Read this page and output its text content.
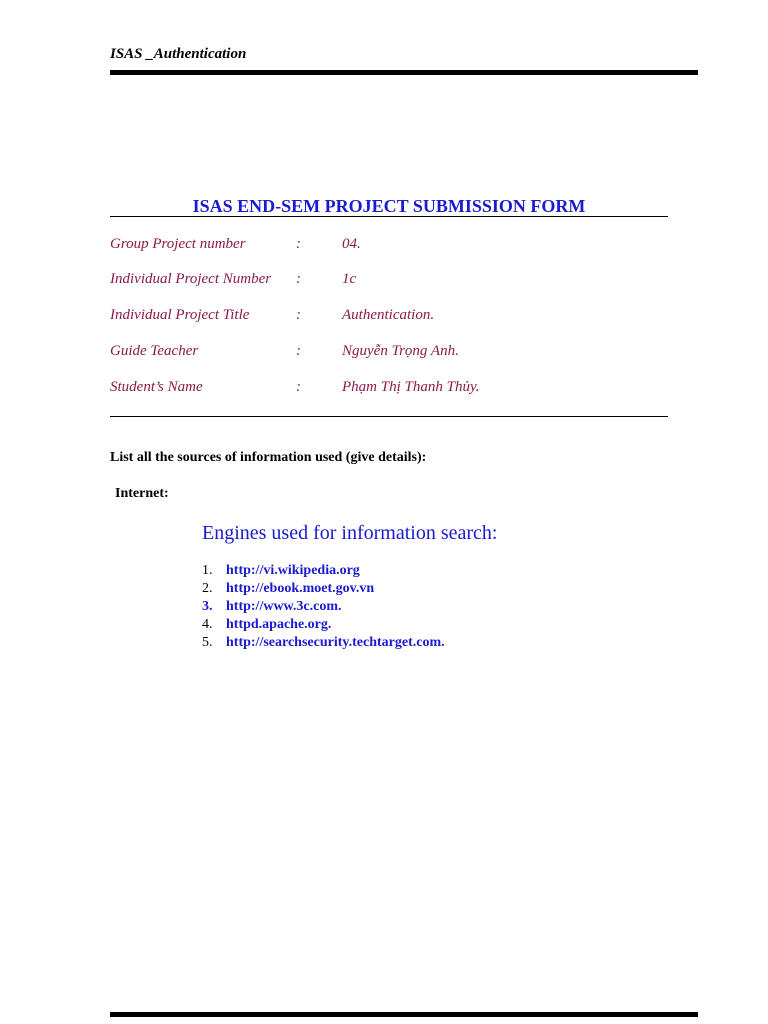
ISAS _Authentication
ISAS END-SEM PROJECT SUBMISSION FORM
Group Project number	:	04.
Individual Project Number :	1c
Individual Project Title	:	Authentication.
Guide Teacher	:	Nguyễn Trọng Anh.
Student’s Name	:	Phạm Thị Thanh Thủy.
List all the sources of information used (give details):
Internet:
Engines used for information search:
1. http://vi.wikipedia.org
2. http://ebook.moet.gov.vn
3. http://www.3c.com.
4. httpd.apache.org.
5. http://searchsecurity.techtarget.com.
